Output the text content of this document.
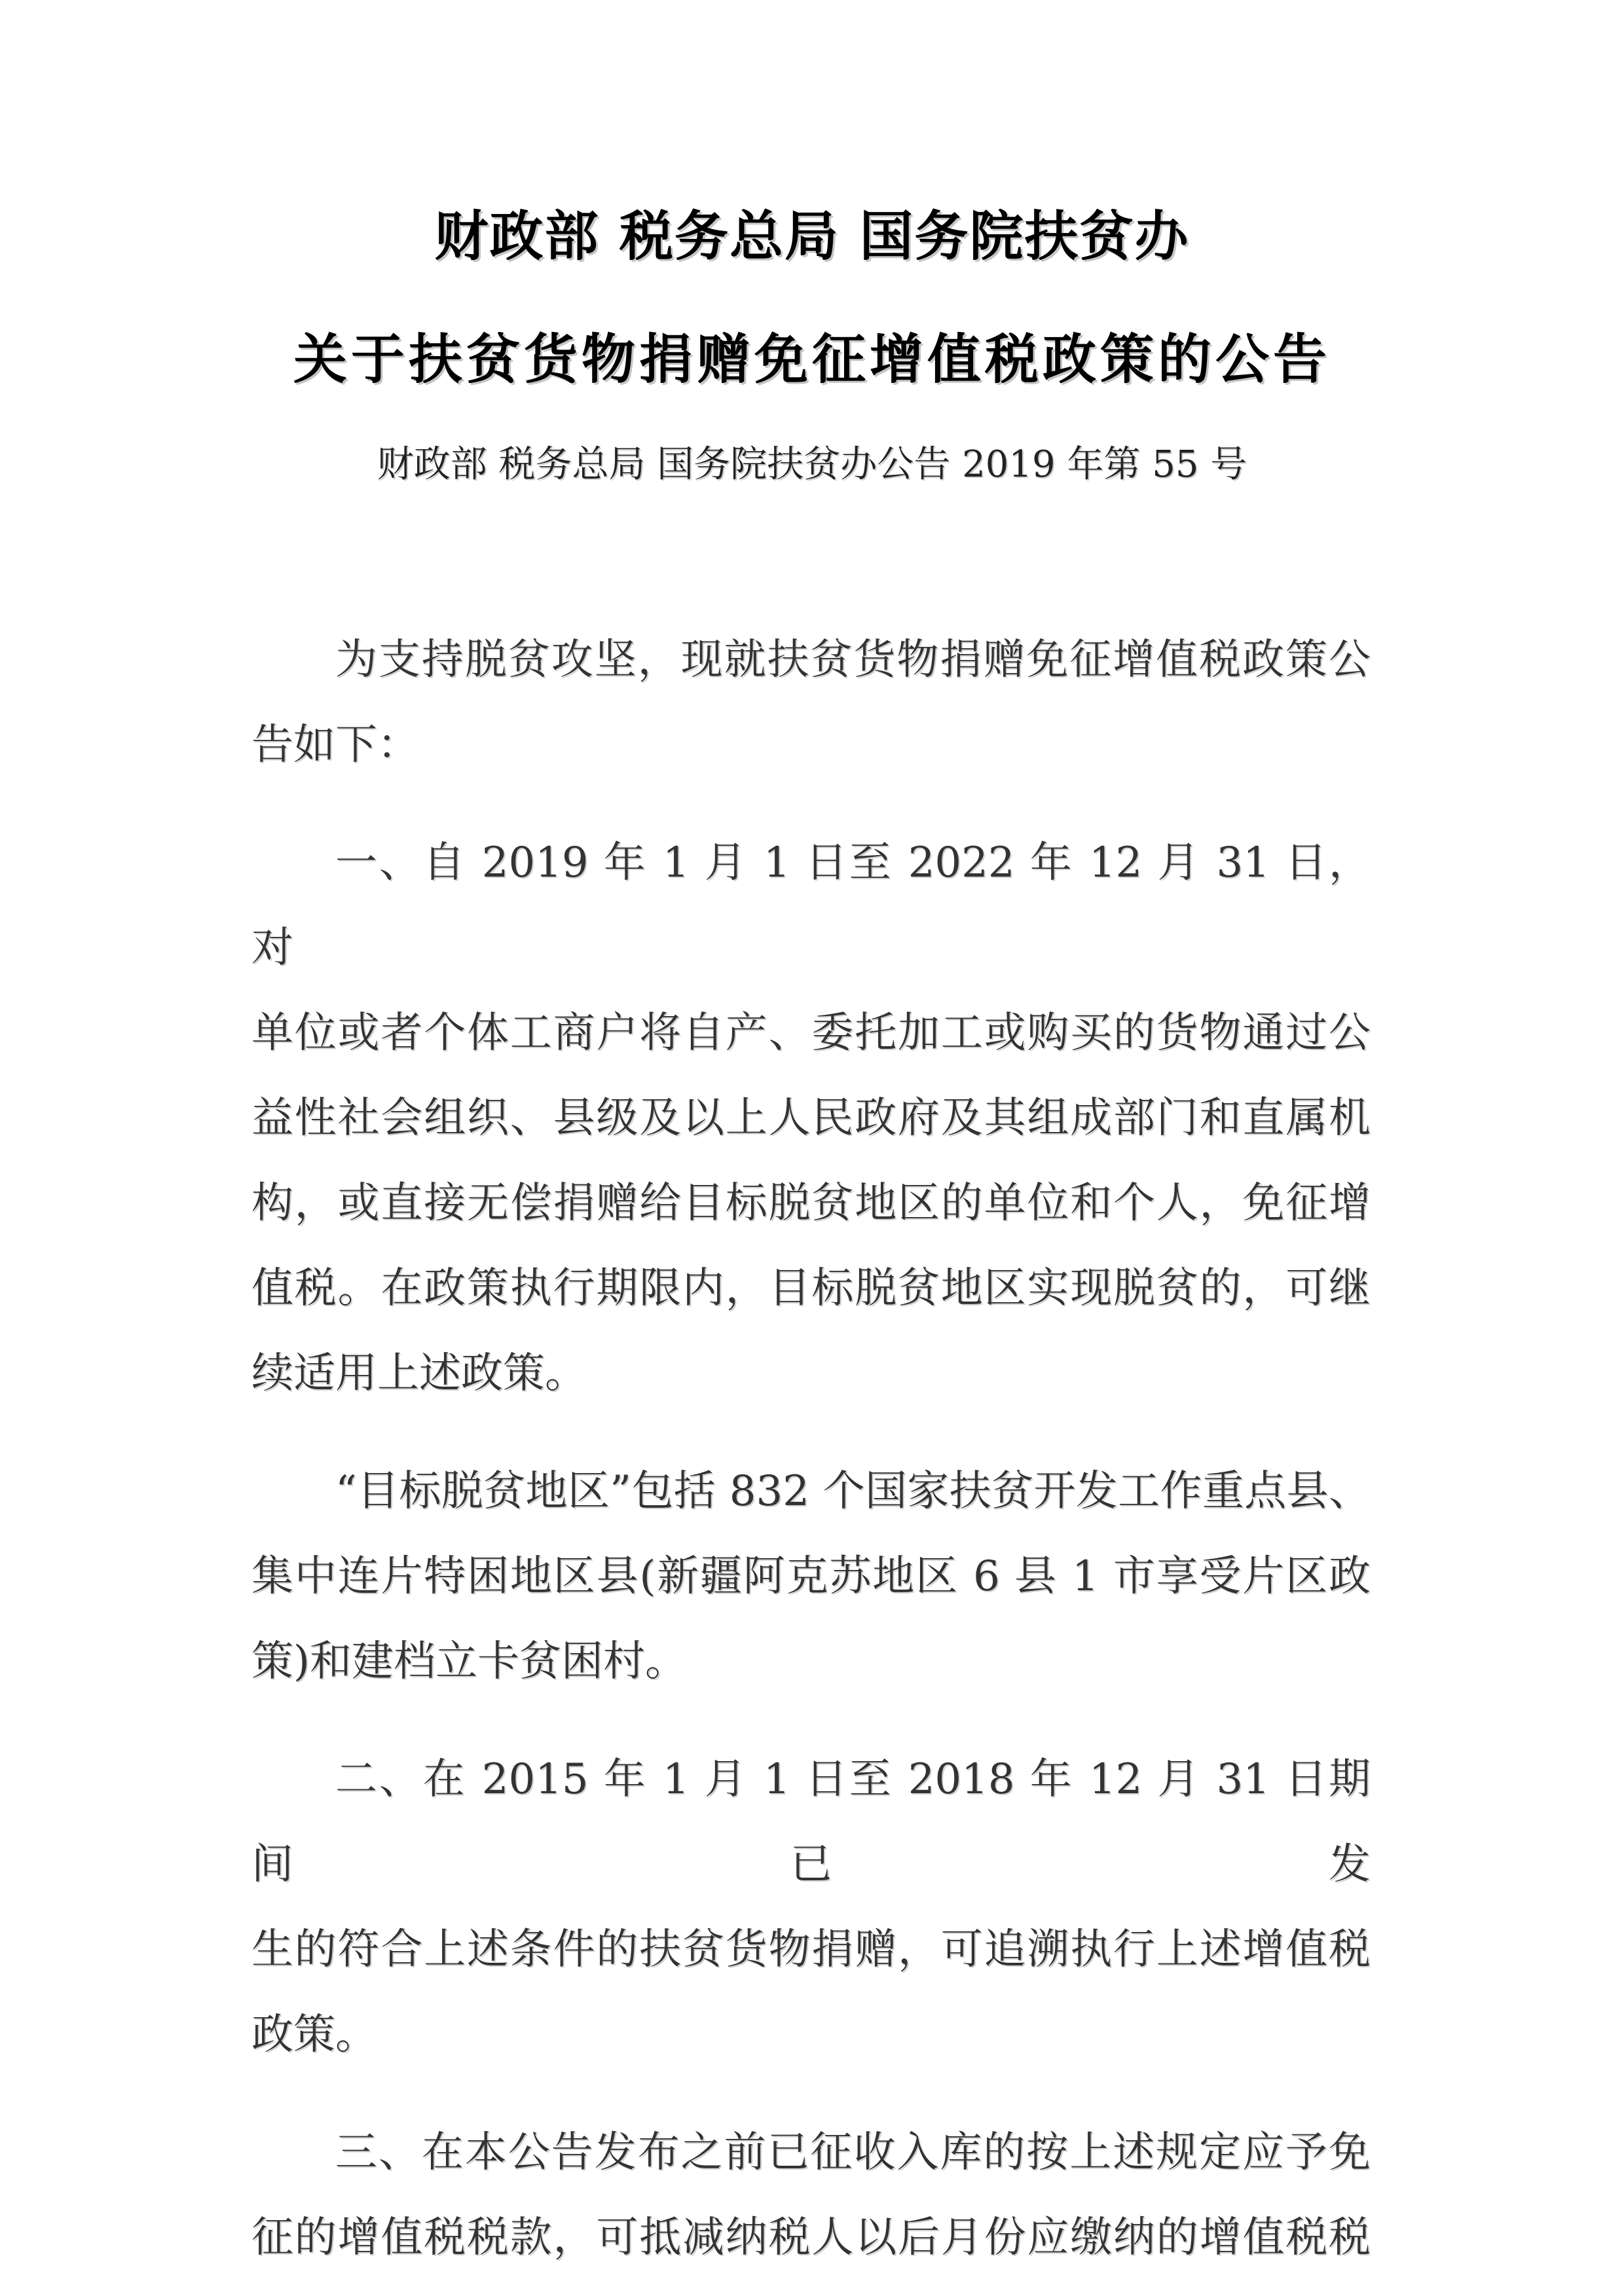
财政部 税务总局 国务院扶贫办
关于扶贫货物捐赠免征增值税政策的公告
财政部 税务总局 国务院扶贫办公告 2019 年第 55 号
为支持脱贫攻坚，现就扶贫货物捐赠免征增值税政策公
告如下：
一、自 2019 年 1 月 1 日至 2022 年 12 月 31 日，对
单位或者个体工商户将自产、委托加工或购买的货物通过公
益性社会组织、县级及以上人民政府及其组成部门和直属机
构，或直接无偿捐赠给目标脱贫地区的单位和个人，免征增
值税。在政策执行期限内，目标脱贫地区实现脱贫的，可继
续适用上述政策。
“目标脱贫地区”包括 832 个国家扶贫开发工作重点县、
集中连片特困地区县(新疆阿克苏地区 6 县 1 市享受片区政
策)和建档立卡贫困村。
二、在 2015 年 1 月 1 日至 2018 年 12 月 31 日期间已发
生的符合上述条件的扶贫货物捐赠，可追溯执行上述增值税
政策。
三、在本公告发布之前已征收入库的按上述规定应予免
征的增值税税款，可抵减纳税人以后月份应缴纳的增值税税
